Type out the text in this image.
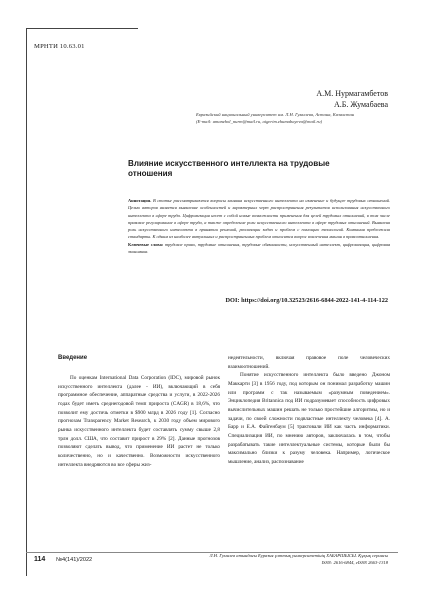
МРНТИ 10.63.01
А.М. Нурмагамбетов
А.Б. Жумабаева
Евразийский национальный университет им. Л.Н. Гумилева, Астана, Казахстан
(E-mail: amanzhol_nurm@mail.ru, aigerim.zhumabayeva@mail.ru)
Влияние искусственного интеллекта на трудовые
отношения
Аннотация. В статье рассматриваются вопросы влияния искусственного интеллекта на изменение и будущее трудовых отношений. Целью авторов является выявление особенностей и характерных черт распространения результатов использования искусственного интеллекта в сфере труда. Цифровизация несет с собой новые возможности применения для целей трудовых отношений, в том числе правовое регулирование в сфере труда, а также определение роли искусственного интеллекта в сфере трудовых отношений. Выявлена роль искусственного интеллекта в принятии решений, реализации задач и проблем с помощью технологий. Компания предложила стандарты. К одним из наиболее актуальных и распространенных проблем относится вопрос вовлечения машин в правоотношения.
Ключевые слова: трудовое право, трудовые отношения, трудовые обязанности, искусственный интеллект, цифровизация, цифровая экономика.
DOI: https://doi.org/10.32523/2616-6844-2022-141-4-114-122
Введение

По оценкам International Data Corporation (IDC), мировой рынок искусственного интеллекта (далее - ИИ), включающий в себя программное обеспечение, аппаратные средства и услуги, в 2022-2026 годах будет иметь среднегодовой темп прироста (CAGR) в 18,6%, что позволит ему достичь отметки в $900 млрд в 2026 году [1]. Согласно прогнозам Transparency Market Research, к 2030 году объем мирового рынка искусственного интеллекта будет составлять сумму свыше 2,8 трлн долл. США, что составит прирост в 29% [2]. Данные прогнозов позволяют сделать вывод, что применение ИИ растет не только количественно, но и качественно. Возможности искусственного интеллекта внедряются во все сферы жиз-

недеятельности, включая правовое поле человеческих взаимоотношений.

Понятие искусственного интеллекта было введено Джоном Маккарти [3] в 1956 году, под которым он понимал разработку машин или программ с так называемым «разумным поведением». Энциклопедия Britannica под ИИ подразумевает способность цифровых вычислительных машин решать не только простейшие алгоритмы, но и задачи, по своей сложности подвластные интеллекту человека [4]. А. Барр и Е.А. Файгенбаум [5] трактовали ИИ как часть информатики. Специализация ИИ, по мнению авторов, заключалась в том, чтобы разрабатывать такие интеллектуальные системы, которые были бы максимально близки к разуму человека. Например, логическое мышление, анализ, распознавание

114 №4(141)/2022
Л.Н. Гумилев атындағы Еуразия ұлттық университетінің ХАБАРШЫСЫ. Құқық сериясы
ISSN: 2616-6844, eISSN 2663-1318
